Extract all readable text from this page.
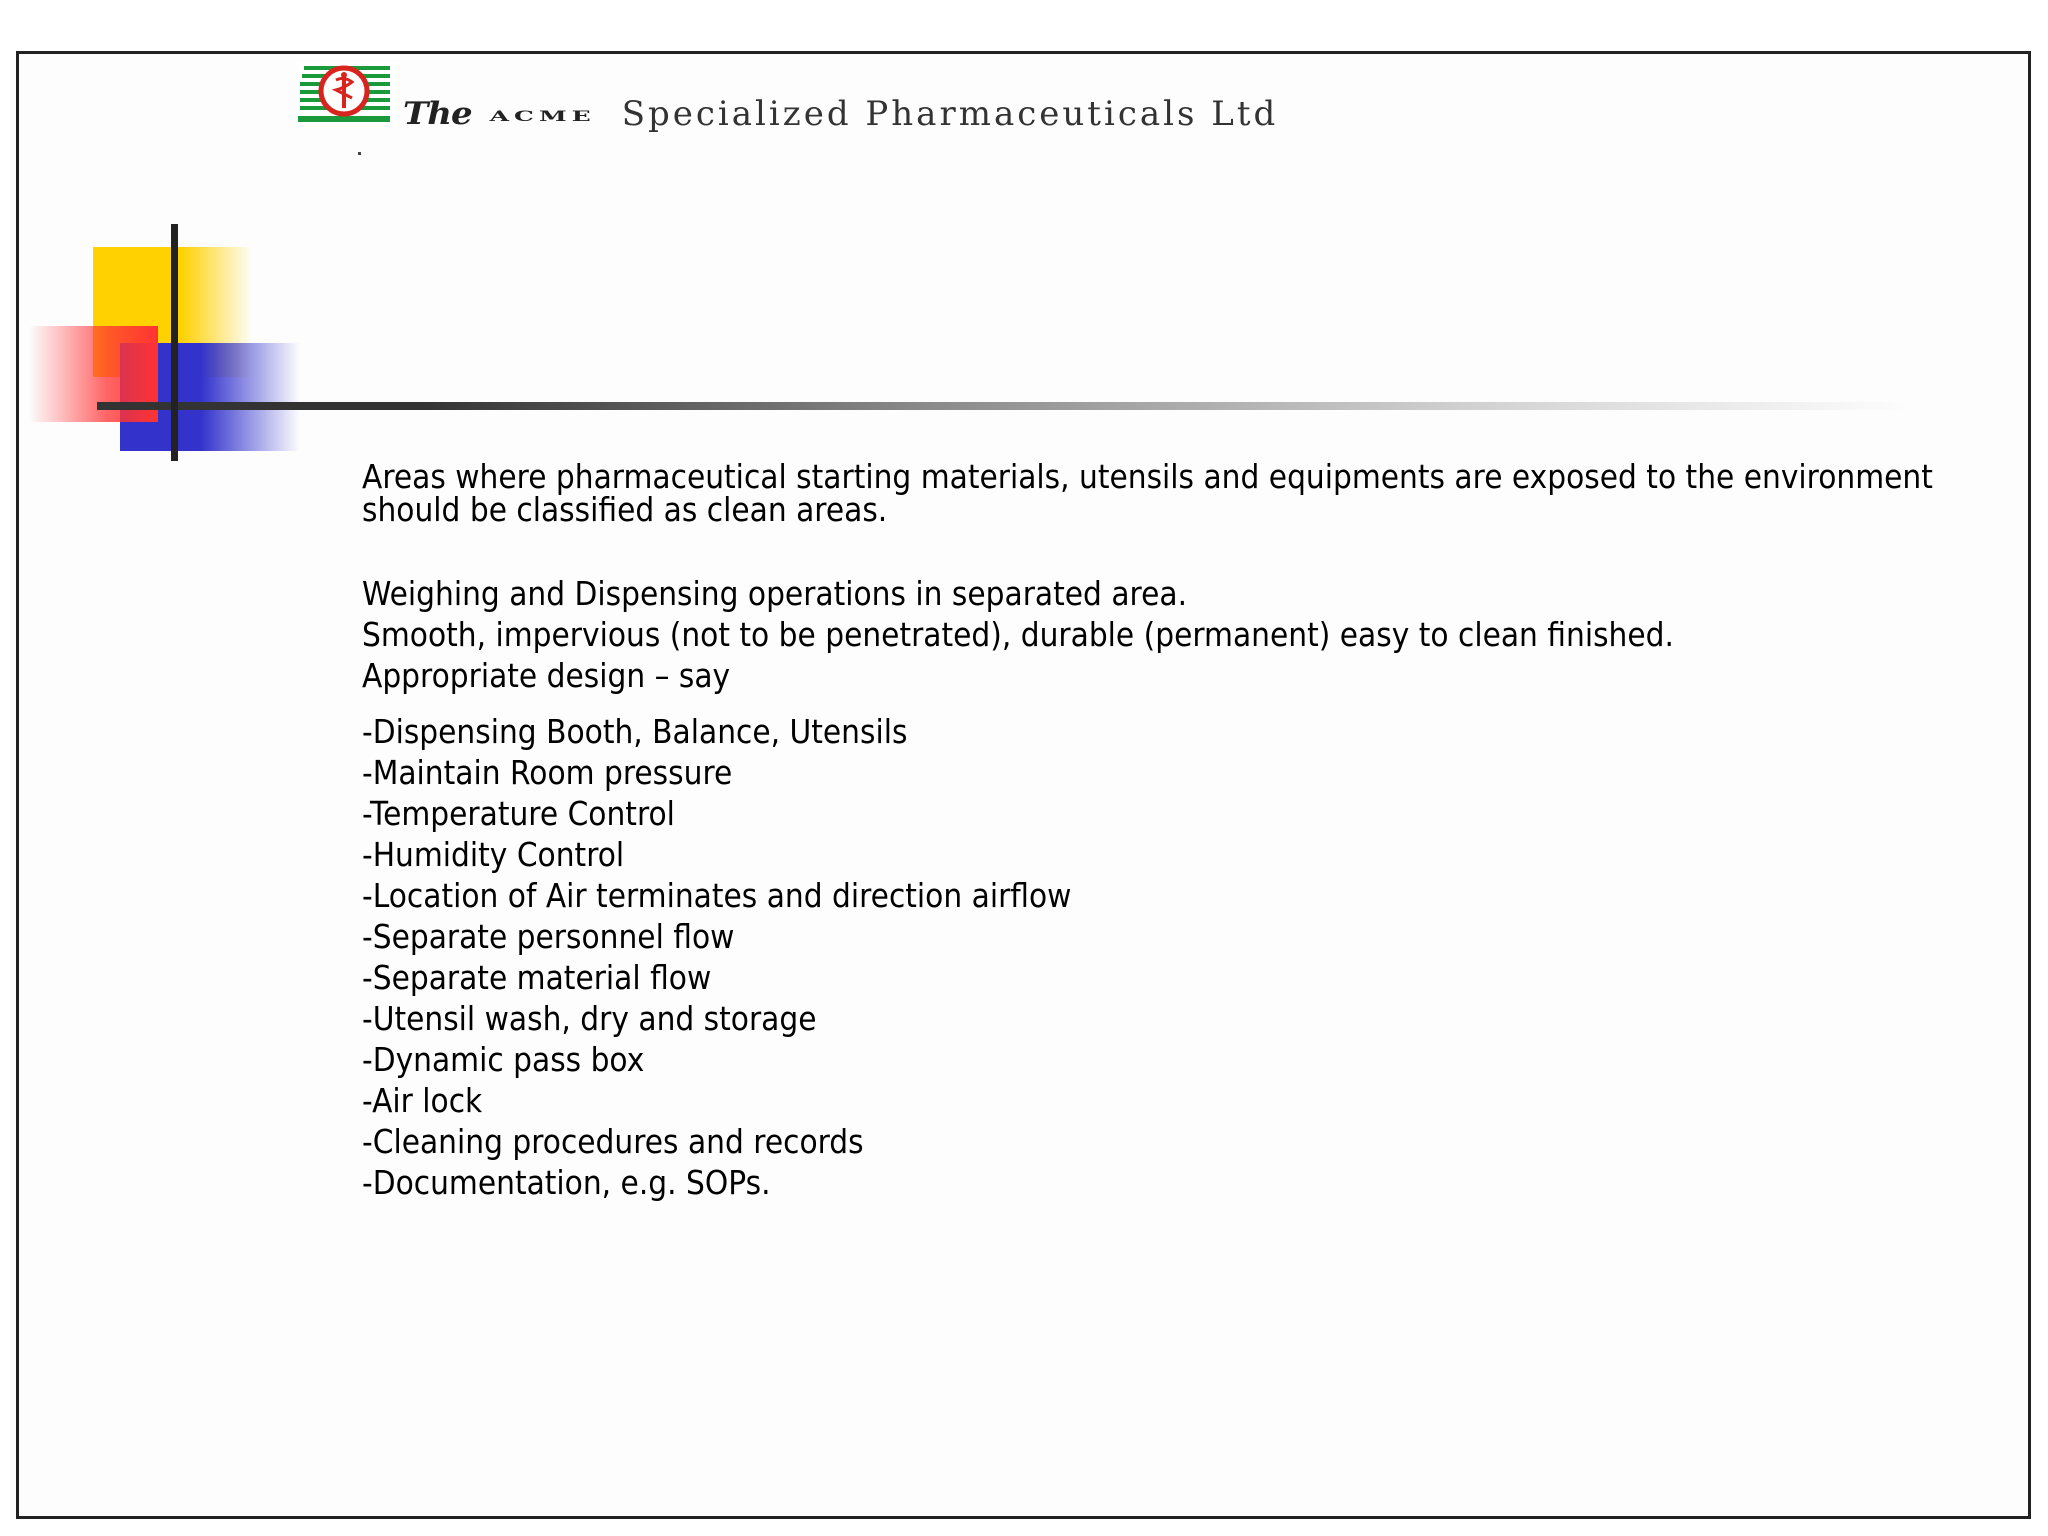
The ACME Specialized Pharmaceuticals Ltd

Areas where pharmaceutical starting materials, utensils and equipments are exposed to the environment should be classified as clean areas.

Weighing and Dispensing operations in separated area.
Smooth, impervious (not to be penetrated), durable (permanent) easy to clean finished.
Appropriate design – say
-Dispensing Booth, Balance, Utensils
-Maintain Room pressure
-Temperature Control
-Humidity Control
-Location of Air terminates and direction airflow
-Separate personnel flow
-Separate material flow
-Utensil wash, dry and storage
-Dynamic pass box
-Air lock
-Cleaning procedures and records
-Documentation, e.g. SOPs.
